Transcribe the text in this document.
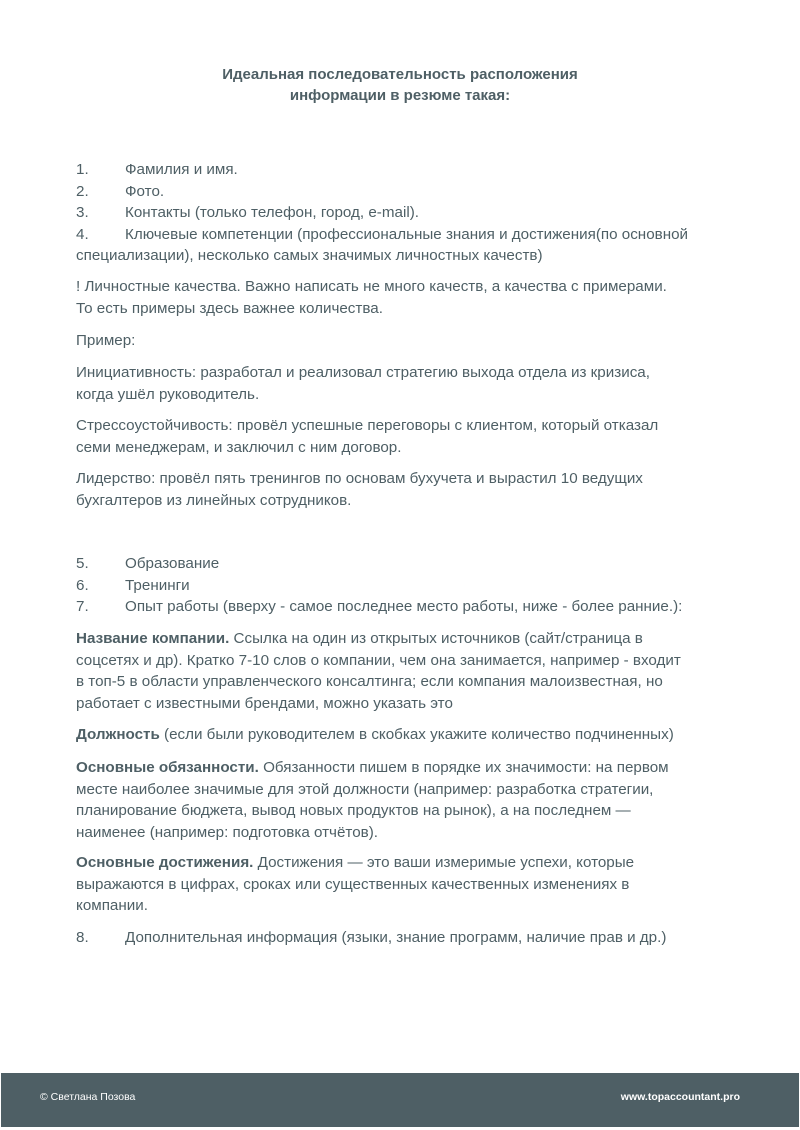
Идеальная последовательность расположения
информации в резюме такая:
1.	Фамилия и имя.
2.	Фото.
3.	Контакты (только телефон, город, e-mail).
4.	Ключевые компетенции (профессиональные знания и достижения(по основной
специализации), несколько самых значимых личностных качеств)

! Личностные качества. Важно написать не много качеств, а качества с примерами.

То есть примеры здесь важнее количества.

Пример:

Инициативность: разработал и реализовал стратегию выхода отдела из кризиса,

когда ушёл руководитель.

Стрессоустойчивость: провёл успешные переговоры с клиентом, который отказал

семи менеджерам, и заключил с ним договор.

Лидерство: провёл пять тренингов по основам бухучета и вырастил 10 ведущих

бухгалтеров из линейных сотрудников.

5.	Образование
6.	Тренинги
7.	Опыт работы (вверху - самое последнее место работы, ниже - более ранние.):

Название компании. Ссылка на один из открытых источников (сайт/страница в

соцсетях и др). Кратко 7-10 слов о компании, чем она занимается, например - входит

в топ-5 в области управленческого консалтинга; если компания малоизвестная, но

работает с известными брендами, можно указать это

Должность (если были руководителем в скобках укажите количество подчиненных)

Основные обязанности. Обязанности пишем в порядке их значимости: на первом

месте наиболее значимые для этой должности (например: разработка стратегии,

планирование бюджета, вывод новых продуктов на рынок), а на последнем —

наименее (например: подготовка отчётов).

Основные достижения. Достижения — это ваши измеримые успехи, которые

выражаются в цифрах, сроках или существенных качественных изменениях в

компании.

8.	Дополнительная информация (языки, знание программ, наличие прав и др.)
© Светлана Позова	www.topaccountant.pro
